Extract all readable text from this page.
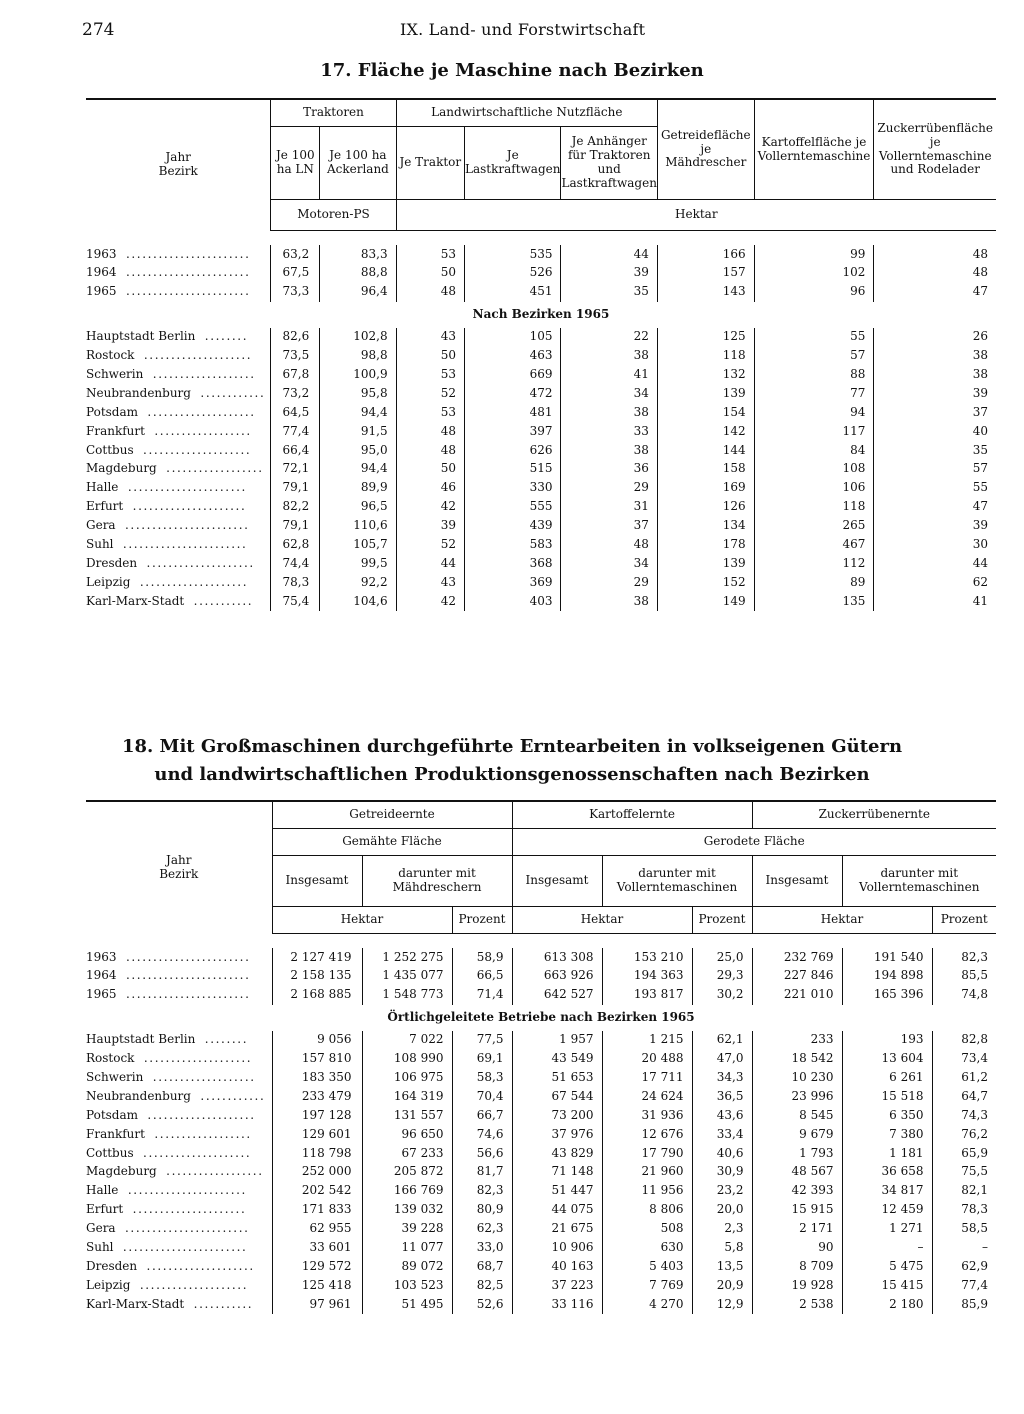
274	IX. Land- und Forstwirtschaft
17. Fläche je Maschine nach Bezirken
Jahr
Bezirk	Traktoren		Landwirtschaftliche Nutzfläche			Getreidefläche je Mähdrescher	Kartoffelfläche je Vollerntemaschine	Zuckerrübenfläche je Vollerntemaschine und Rodelader
	Je 100 ha LN	Je 100 ha Ackerland	Je Traktor	Je Lastkraftwagen	Je Anhänger für Traktoren und Lastkraftwagen			
	Motoren-PS		Hektar					

1963 .......................	63,2	83,3	53	535	44	166	99	48
1964 .......................	67,5	88,8	50	526	39	157	102	48
1965 .......................	73,3	96,4	48	451	35	143	96	47
Nach Bezirken 1965								
Hauptstadt Berlin ........	82,6	102,8	43	105	22	125	55	26
Rostock ....................	73,5	98,8	50	463	38	118	57	38
Schwerin ...................	67,8	100,9	53	669	41	132	88	38
Neubrandenburg ............	73,2	95,8	52	472	34	139	77	39
Potsdam ....................	64,5	94,4	53	481	38	154	94	37
Frankfurt ..................	77,4	91,5	48	397	33	142	117	40
Cottbus ....................	66,4	95,0	48	626	38	144	84	35
Magdeburg ..................	72,1	94,4	50	515	36	158	108	57
Halle ......................	79,1	89,9	46	330	29	169	106	55
Erfurt .....................	82,2	96,5	42	555	31	126	118	47
Gera .......................	79,1	110,6	39	439	37	134	265	39
Suhl .......................	62,8	105,7	52	583	48	178	467	30
Dresden ....................	74,4	99,5	44	368	34	139	112	44
Leipzig ....................	78,3	92,2	43	369	29	152	89	62
Karl-Marx-Stadt ...........	75,4	104,6	42	403	38	149	135	41
18. Mit Großmaschinen durchgeführte Erntearbeiten in volkseigenen Gütern
und landwirtschaftlichen Produktionsgenossenschaften nach Bezirken
Jahr
Bezirk	Getreideernte			Kartoffelernte			Zuckerrübenernte		
	Gemähte Fläche			Gerodete Fläche					
	Insgesamt	darunter mit Mähdreschern		Insgesamt	darunter mit Vollerntemaschinen		Insgesamt	darunter mit Vollerntemaschinen	
	Hektar		Prozent	Hektar		Prozent	Hektar		Prozent

1963 .......................	2 127 419	1 252 275	58,9	613 308	153 210	25,0	232 769	191 540	82,3
1964 .......................	2 158 135	1 435 077	66,5	663 926	194 363	29,3	227 846	194 898	85,5
1965 .......................	2 168 885	1 548 773	71,4	642 527	193 817	30,2	221 010	165 396	74,8
Örtlichgeleitete Betriebe nach Bezirken 1965									
Hauptstadt Berlin ........	9 056	7 022	77,5	1 957	1 215	62,1	233	193	82,8
Rostock ....................	157 810	108 990	69,1	43 549	20 488	47,0	18 542	13 604	73,4
Schwerin ...................	183 350	106 975	58,3	51 653	17 711	34,3	10 230	6 261	61,2
Neubrandenburg ............	233 479	164 319	70,4	67 544	24 624	36,5	23 996	15 518	64,7
Potsdam ....................	197 128	131 557	66,7	73 200	31 936	43,6	8 545	6 350	74,3
Frankfurt ..................	129 601	96 650	74,6	37 976	12 676	33,4	9 679	7 380	76,2
Cottbus ....................	118 798	67 233	56,6	43 829	17 790	40,6	1 793	1 181	65,9
Magdeburg ..................	252 000	205 872	81,7	71 148	21 960	30,9	48 567	36 658	75,5
Halle ......................	202 542	166 769	82,3	51 447	11 956	23,2	42 393	34 817	82,1
Erfurt .....................	171 833	139 032	80,9	44 075	8 806	20,0	15 915	12 459	78,3
Gera .......................	62 955	39 228	62,3	21 675	508	2,3	2 171	1 271	58,5
Suhl .......................	33 601	11 077	33,0	10 906	630	5,8	90	–	–
Dresden ....................	129 572	89 072	68,7	40 163	5 403	13,5	8 709	5 475	62,9
Leipzig ....................	125 418	103 523	82,5	37 223	7 769	20,9	19 928	15 415	77,4
Karl-Marx-Stadt ...........	97 961	51 495	52,6	33 116	4 270	12,9	2 538	2 180	85,9
